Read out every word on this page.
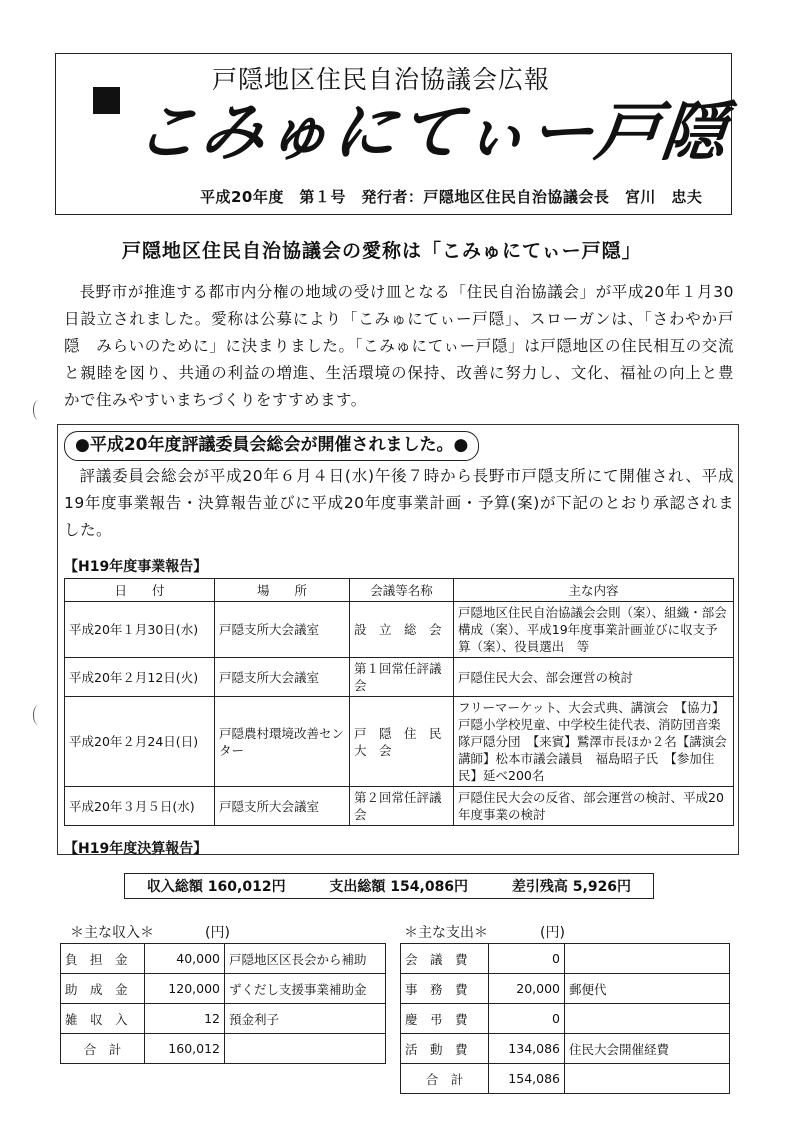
戸隠地区住民自治協議会広報
こみゅにてぃー戸隠
平成20年度　第１号　発行者：戸隠地区住民自治協議会長　宮川　忠夫
戸隠地区住民自治協議会の愛称は「こみゅにてぃー戸隠」

長野市が推進する都市内分権の地域の受け皿となる「住民自治協議会」が平成20年１月30日設立されました。愛称は公募により「こみゅにてぃー戸隠」、スローガンは、「さわやか戸隠　みらいのために」に決まりました。「こみゅにてぃー戸隠」は戸隠地区の住民相互の交流と親睦を図り、共通の利益の増進、生活環境の保持、改善に努力し、文化、福祉の向上と豊かで住みやすいまちづくりをすすめます。

●平成20年度評議委員会総会が開催されました。●

評議委員会総会が平成20年６月４日(水)午後７時から長野市戸隠支所にて開催され、平成19年度事業報告・決算報告並びに平成20年度事業計画・予算(案)が下記のとおり承認されました。

【H19年度事業報告】
日　　付	場　　所	会議等名称	主な内容
平成20年１月30日(水)	戸隠支所大会議室	設　立　総　会	戸隠地区住民自治協議会会則（案）、組織・部会構成（案）、平成19年度事業計画並びに収支予算（案）、役員選出　等
平成20年２月12日(火)	戸隠支所大会議室	第１回常任評議会	戸隠住民大会、部会運営の検討
平成20年２月24日(日)	戸隠農村環境改善センター	戸　隠　住　民　大　会	フリーマーケット、大会式典、講演会　【協力】戸隠小学校児童、中学校生徒代表、消防団音楽隊戸隠分団　【来賓】鷲澤市長ほか２名【講演会講師】松本市議会議員　福島昭子氏　【参加住民】延べ200名
平成20年３月５日(水)	戸隠支所大会議室	第２回常任評議会	戸隠住民大会の反省、部会運営の検討、平成20年度事業の検討
【H19年度決算報告】
収入総額 160,012円	支出総額 154,086円	差引残高 5,926円
＊主な収入＊	(円)
負　担　金	40,000	戸隠地区区長会から補助
助　成　金	120,000	ずくだし支援事業補助金
雑　収　入	12	預金利子
合　計	160,012	
＊主な支出＊	(円)
会　議　費	0	
事　務　費	20,000	郵便代
慶　弔　費	0	
活　動　費	134,086	住民大会開催経費
合　計	154,086	
